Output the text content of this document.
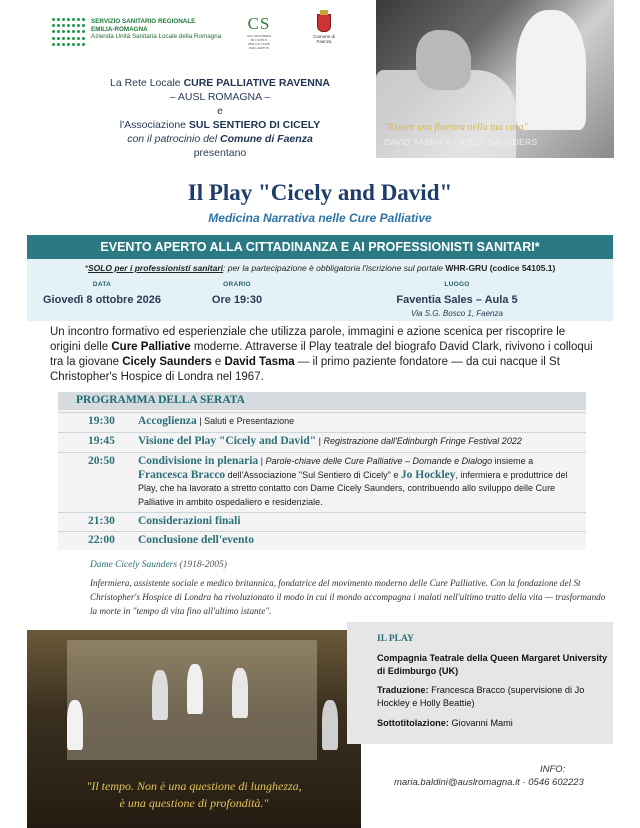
SERVIZIO SANITARIO REGIONALE
EMILIA-ROMAGNA
Azienda Unità Sanitaria Locale della Romagna
CS
SUL SENTIERO
DI CICELY
PER LE CURE
PALLIATIVE
Comune di Faenza
"Essere una finestra nella tua casa"
DAVID TASMA A CICELY SAUNDERS
La Rete Locale CURE PALLIATIVE RAVENNA
– AUSL ROMAGNA –
e
l'Associazione SUL SENTIERO DI CICELY
con il patrocinio del Comune di Faenza
presentano
Il Play "Cicely and David"
Medicina Narrativa nelle Cure Palliative
EVENTO APERTO ALLA CITTADINANZA E AI PROFESSIONISTI SANITARI*
*SOLO per i professionisti sanitari: per la partecipazione è obbligatoria l'iscrizione sul portale WHR-GRU (codice 54105.1)
DATA
Giovedì 8 ottobre 2026
ORARIO
Ore 19:30
LUOGO
Faventia Sales – Aula 5
Via S.G. Bosco 1, Faenza
Un incontro formativo ed esperienziale che utilizza parole, immagini e azione scenica per riscoprire le origini delle Cure Palliative moderne. Attraverse il Play teatrale del biografo David Clark, rivivono i colloqui tra la giovane Cicely Saunders e David Tasma — il primo paziente fondatore — da cui nacque il St Christopher's Hospice di Londra nel 1967.
PROGRAMMA DELLA SERATA
19:30 Accoglienza | Saluti e Presentazione
19:45 Visione del Play "Cicely and David" | Registrazione dall'Edinburgh Fringe Festival 2022
20:50 Condivisione in plenaria | Parole-chiave delle Cure Palliative – Domande e Dialogo insieme a Francesca Bracco dell'Associazione "Sul Sentiero di Cicely" e Jo Hockley, infermiera e produttrice del Play, che ha lavorato a stretto contatto con Dame Cicely Saunders, contribuendo allo sviluppo delle Cure Palliative in ambito ospedaliero e residenziale.
21:30 Considerazioni finali
22:00 Conclusione dell'evento
Dame Cicely Saunders (1918-2005)
Infermiera, assistente sociale e medico britannica, fondatrice del movimento moderno delle Cure Palliative. Con la fondazione del St Christopher's Hospice di Londra ha rivoluzionato il modo in cui il mondo accompagna i malati nell'ultimo tratto della vita — trasformando la morte in "tempo di vita fino all'ultimo istante".
"Il tempo. Non è una questione di lunghezza,
è una questione di profondità."
IL PLAY
Compagnia Teatrale della Queen Margaret University di Edimburgo (UK)
Traduzione: Francesca Bracco (supervisione di Jo Hockley e Holly Beattie)
Sottotitolazione: Giovanni Mami
INFO:
maria.baldini@auslromagna.it · 0546 602223
